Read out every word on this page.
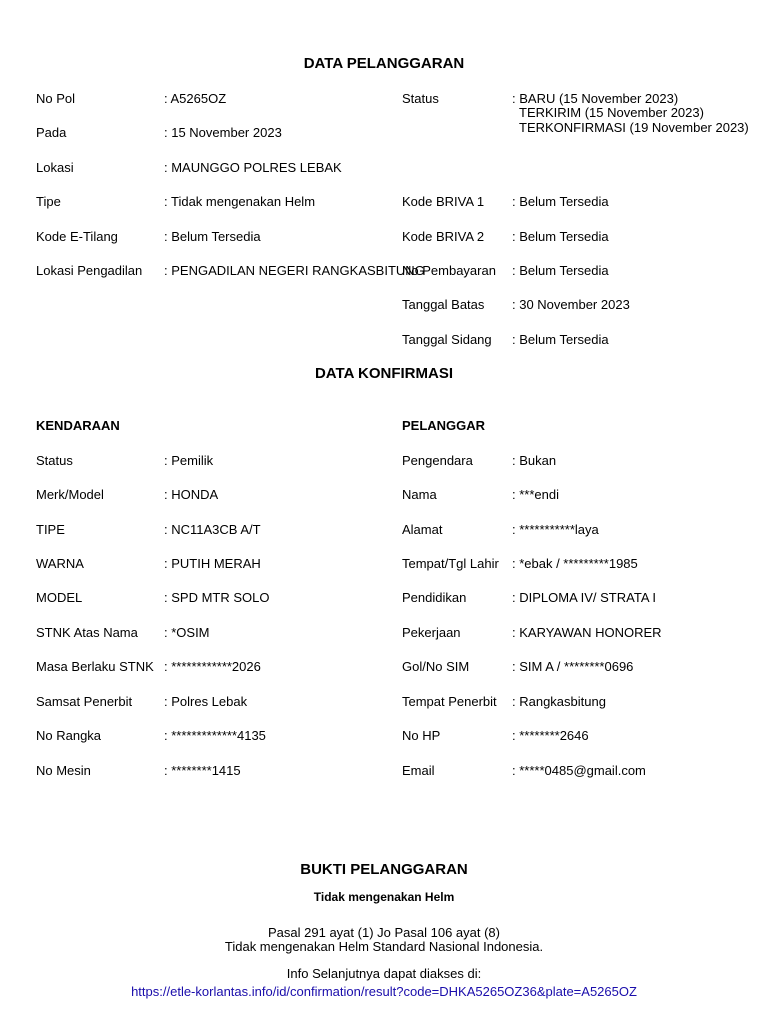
DATA PELANGGARAN
No Pol	: A5265OZ
Pada	: 15 November 2023
Lokasi	: MAUNGGO POLRES LEBAK
Tipe	: Tidak mengenakan Helm
Kode E-Tilang	: Belum Tersedia
Lokasi Pengadilan : PENGADILAN NEGERI RANGKASBITUNG
Status	: BARU (15 November 2023)
TERKIRIM (15 November 2023)
TERKONFIRMASI (19 November 2023)
Kode BRIVA 1 : Belum Tersedia
Kode BRIVA 2 : Belum Tersedia
No Pembayaran : Belum Tersedia
Tanggal Batas : 30 November 2023
Tanggal Sidang : Belum Tersedia
DATA KONFIRMASI
KENDARAAN	PELANGGAR
Status	: Pemilik
Merk/Model	: HONDA
TIPE	: NC11A3CB A/T
WARNA	: PUTIH MERAH
MODEL	: SPD MTR SOLO
STNK Atas Nama : *OSIM
Masa Berlaku STNK : ************2026
Samsat Penerbit : Polres Lebak
No Rangka	: *************4135
No Mesin	: ********1415
Pengendara	: Bukan
Nama	: ***endi
Alamat	: ***********laya
Tempat/Tgl Lahir : *ebak / *********1985
Pendidikan	: DIPLOMA IV/ STRATA I
Pekerjaan	: KARYAWAN HONORER
Gol/No SIM	: SIM A / ********0696
Tempat Penerbit : Rangkasbitung
No HP	: ********2646
Email	: *****0485@gmail.com
BUKTI PELANGGARAN
Tidak mengenakan Helm
Pasal 291 ayat (1) Jo Pasal 106 ayat (8)
Tidak mengenakan Helm Standard Nasional Indonesia.
Info Selanjutnya dapat diakses di:
https://etle-korlantas.info/id/confirmation/result?code=DHKA5265OZ36&plate=A5265OZ
